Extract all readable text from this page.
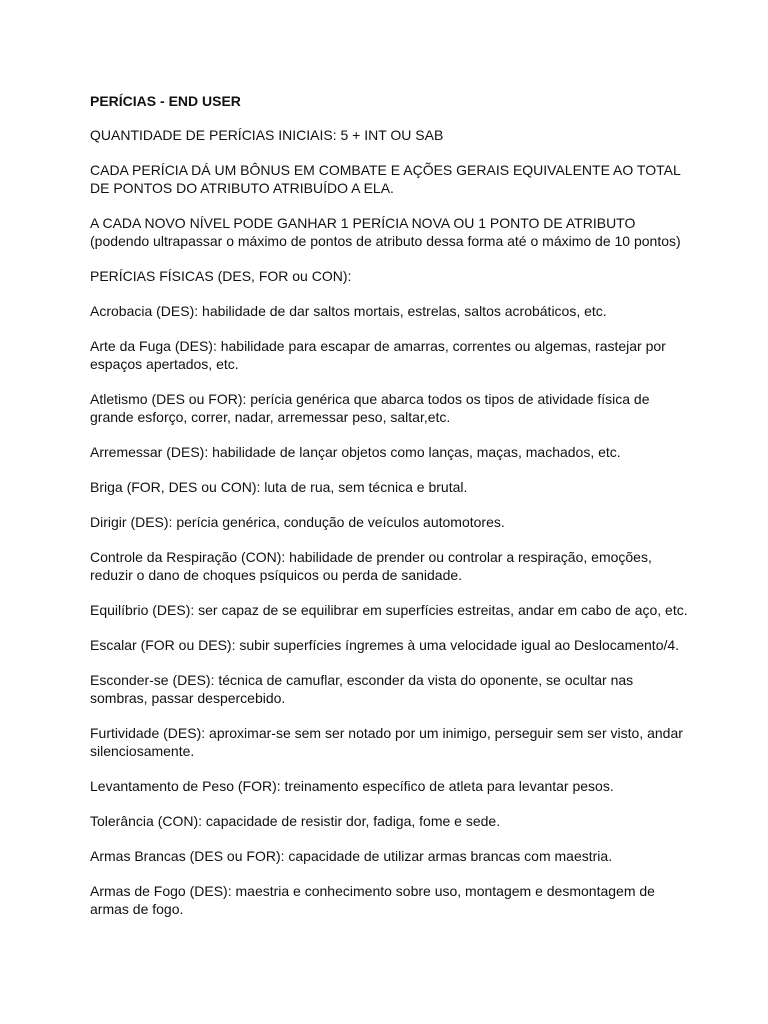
PERÍCIAS - END USER

QUANTIDADE DE PERÍCIAS INICIAIS: 5 + INT OU SAB

CADA PERÍCIA DÁ UM BÔNUS EM COMBATE E AÇÕES GERAIS EQUIVALENTE AO TOTAL DE PONTOS DO ATRIBUTO ATRIBUÍDO A ELA.

A CADA NOVO NÍVEL PODE GANHAR 1 PERÍCIA NOVA OU 1 PONTO DE ATRIBUTO

(podendo ultrapassar o máximo de pontos de atributo dessa forma até o máximo de 10 pontos)

PERÍCIAS FÍSICAS (DES, FOR ou CON):

Acrobacia (DES): habilidade de dar saltos mortais, estrelas, saltos acrobáticos, etc.

Arte da Fuga (DES): habilidade para escapar de amarras, correntes ou algemas, rastejar por espaços apertados, etc.

Atletismo (DES ou FOR): perícia genérica que abarca todos os tipos de atividade física de grande esforço, correr, nadar, arremessar peso, saltar,etc.

Arremessar (DES): habilidade de lançar objetos como lanças, maças, machados, etc.

Briga (FOR, DES ou CON): luta de rua, sem técnica e brutal.

Dirigir (DES): perícia genérica, condução de veículos automotores.

Controle da Respiração (CON): habilidade de prender ou controlar a respiração, emoções, reduzir o dano de choques psíquicos ou perda de sanidade.

Equilíbrio (DES): ser capaz de se equilibrar em superfícies estreitas, andar em cabo de aço, etc.

Escalar (FOR ou DES): subir superfícies íngremes à uma velocidade igual ao Deslocamento/4.

Esconder-se (DES): técnica de camuflar, esconder da vista do oponente, se ocultar nas sombras, passar despercebido.

Furtividade (DES): aproximar-se sem ser notado por um inimigo, perseguir sem ser visto, andar silenciosamente.

Levantamento de Peso (FOR): treinamento específico de atleta para levantar pesos.

Tolerância (CON): capacidade de resistir dor, fadiga, fome e sede.

Armas Brancas (DES ou FOR): capacidade de utilizar armas brancas com maestria.

Armas de Fogo (DES): maestria e conhecimento sobre uso, montagem e desmontagem de armas de fogo.
